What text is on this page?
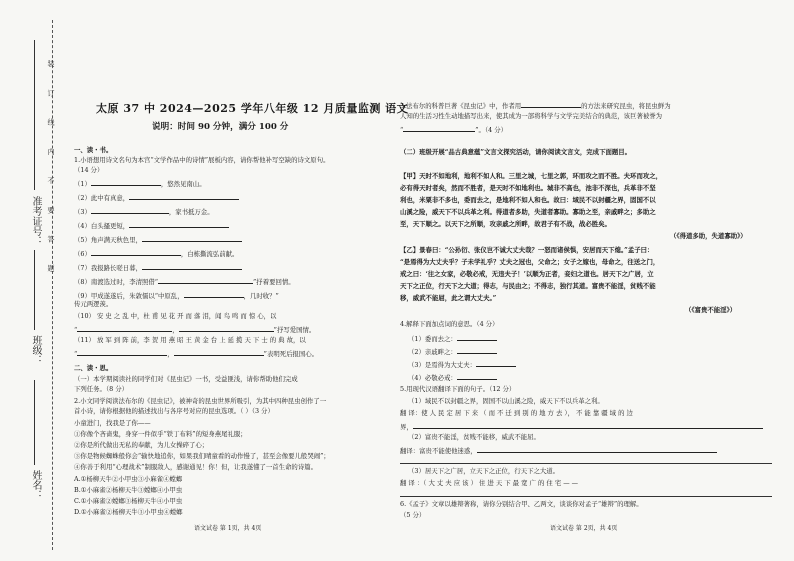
准考证号：
班级：
姓名：
装 订 线 内 不 要 答 题	太原 37 中 2024—2025 学年八年级 12 月质量监测 语文
说明：时间 90 分钟，满分 100 分
一、读・书。
1.小语想用诗文名句为本宫“文学作品中的诗情”展板内容，请你帮他补写空缺的诗文原句。
（14 分）
（1）	，悠然见南山。
（2）此中有真意，
（3）	，家书抵万金。
（4）白头搔更短，
（5）角声满天秋色里，
（6）	，白栋撕流弘前献。
（7）我报路长嗟日暮，
（8）南渡选过时，李清照借“	”抒着要回情。
（9）甲成遂遂后，朱敦儒以“中原乱，	，几时收？”
传元两逻羡。
（10） 安 史 之 乱 中，杜 甫 见 花 开 而 落 泪，闻 鸟 鸣 而 惊 心，以
“	，	”抒写爱国情。
（11） 放 军 到 阵 前，李 贺 用 燕 昭 王 黄 金 台 上 延 揽 天 下 士 的 典 故，以
“	，	”表明死后报国心。
二、读・思。
（一）本学期阅读社的同学们对《昆虫记》一书，受益匪浅，请你帮助他们完成
下列任务。（8 分）
2.小文同学阅读法布尔的《昆虫记》，被神奇的昆虫世界所吸引，为其中四种昆虫创作了一
首小诗，请你根据他的描述找出与各序号对应的昆虫选项。（ ）（3 分）
小童进门，找我是了你——
①你像个吝啬鬼，身穿一件似乎“铁丁布料”的短身燕尾礼服；
②你是所代做出无私的奉献，为儿女操碎了心；
③你是物候蜘蛛般你会“输快地追你，如果我们晴童看的动作慢了，甚至会像要儿般哭闹”；
④你善于利用“心理战术”制服敌人，感谢通见！你！但，让我遂懂了一首生命的诗篇。
A.①杨柳天牛②小甲虫③小麻雀④螳螂
B.①小麻雀②杨柳天牛③螳螂④小甲虫
C.①小麻雀②螳螂③杨柳天牛④小甲虫
D.①小麻雀②杨柳天牛③小甲虫④螳螂
语文试卷 第 1页，共 4页
3.法布尔的科普巨著《昆虫记》中，作者用	的方法来研究昆虫，将昆虫鲜为
人知的生活习性生动地描写出来，使其成为一部将科学与文学完美结合的典范，该巨著被誉为
“	”。（4 分）
（二）班级开展“品古典意蕴”文言文探究活动，请你阅读文言文，完成下面题目。
【甲】天时不如地利，地利不如人和。三里之城，七里之郭，环而攻之而不胜。夫环而攻之，
必有得天时者矣，然而不胜者，是天时不如地利也。城非不高也，池非不深也，兵革非不坚
利也，米粟非不多也，委而去之，是地利不如人和也。故曰：域民不以封疆之界，固国不以
山溪之险，威天下不以兵革之利。得道者多助，失道者寡助。寡助之至，亲戚畔之；多助之
至，天下顺之。以天下之所顺，攻亲戚之所畔，故君子有不战，战必胜矣。
（《得道多助，失道寡助》）
【乙】景春曰：“公孙衍、张仪岂不诚大丈夫哉？一怒而诸侯惧，安居而天下熄。”孟子曰：
“是焉得为大丈夫乎？子未学礼乎？丈夫之冠也，父命之；女子之嫁也，母命之，往送之门，
戒之曰：‘往之女家，必敬必戒，无违夫子！’以顺为正者，妾妇之道也。居天下之广居，立
天下之正位，行天下之大道；得志，与民由之；不得志，独行其道。富贵不能淫，贫贱不能
移，威武不能屈，此之谓大丈夫。”
（《富贵不能淫》）
4.解释下面加点词的意思。（4 分）
（1）委而去之：
（2）亲戚畔之：
（3）是焉得为大丈夫：
（4）必敬必戒：
5.用现代汉语翻译下面的句子。（12 分）
（1）域民不以封疆之界，固国不以山溪之险，威天下不以兵革之利。
翻 译：使 人 民 定 居 下 来 （ 而 不 迁 到 别 的 地 方 去 ）， 不 能 靠 疆 域 的 边
界，
（2）富贵不能淫，贫贱不能移，威武不能屈。
翻译：富贵不能使他迷惑，
（3）居天下之广居，立天下之正位，行天下之大道。
翻 译 ：（ 大 丈 夫 应 该 ） 住 进 天 下 最 宽 广 的 住 宅 — —
6.《孟子》文章以雄辩著称，请你分别结合甲、乙两文，谈谈你对孟子“雄辩”的理解。
（5 分）
语文试卷 第 2页，共 4页
